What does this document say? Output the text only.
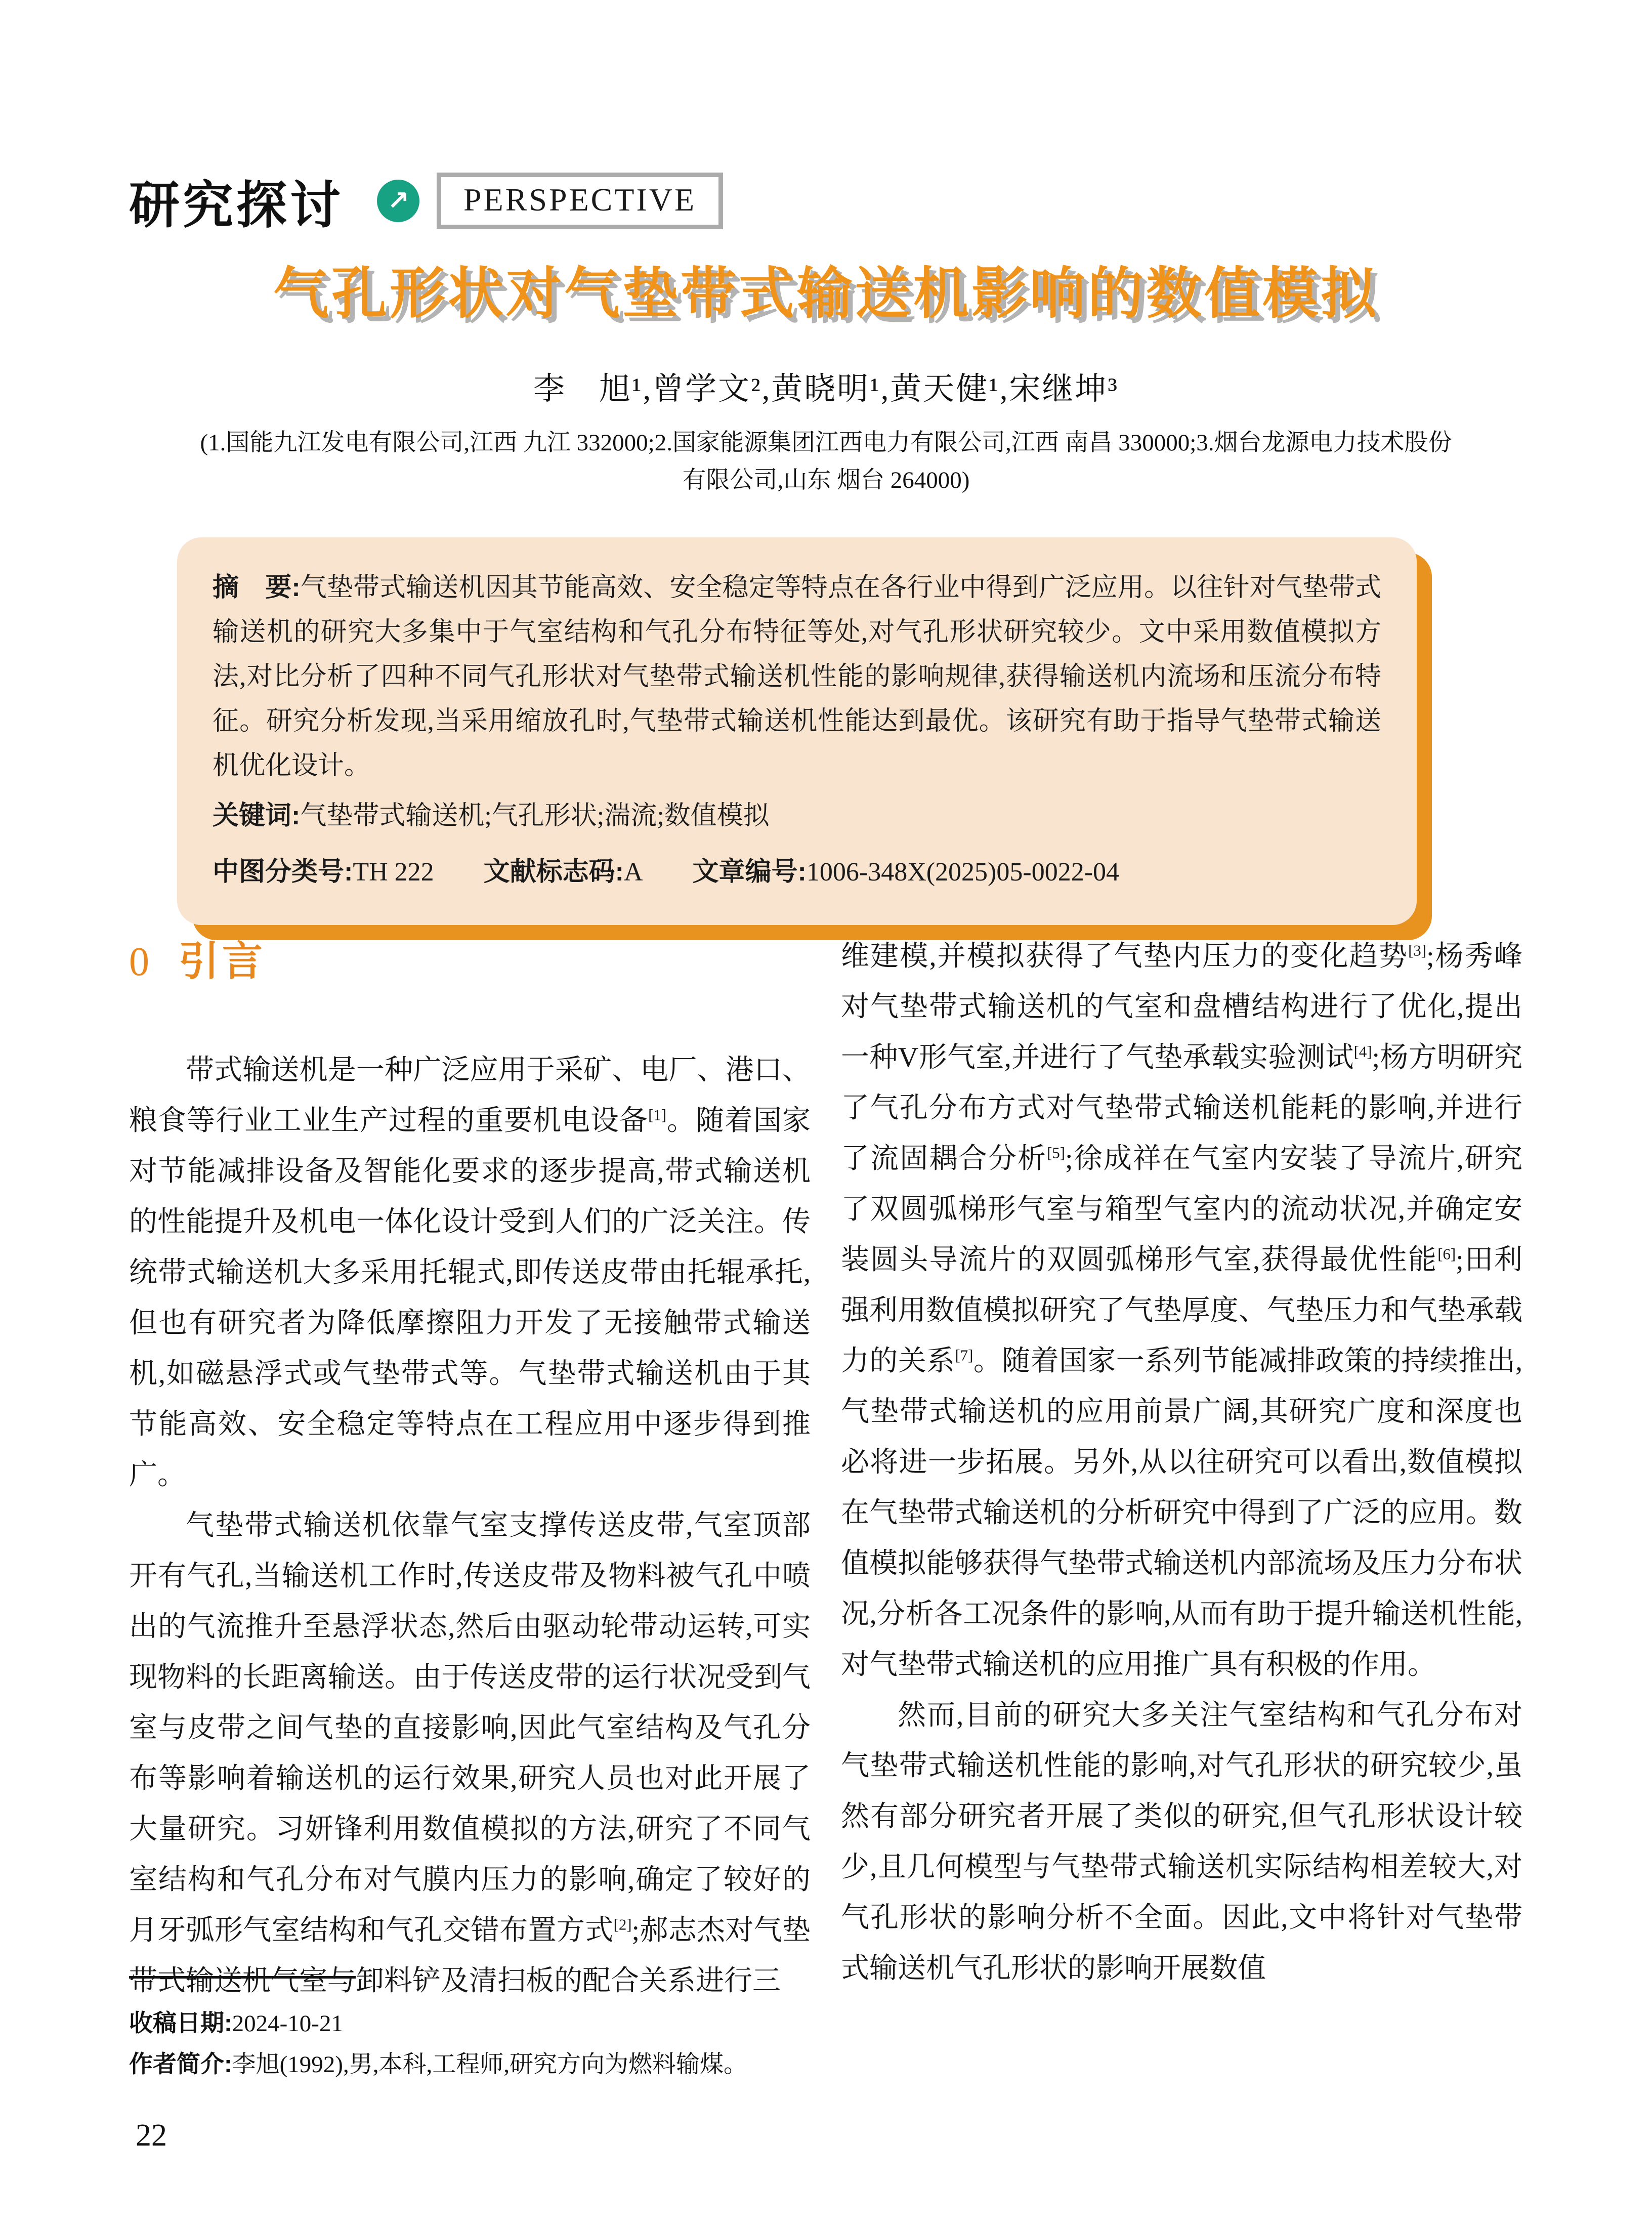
研究探讨 ↗	PERSPECTIVE
气孔形状对气垫带式输送机影响的数值模拟
李　旭¹,曾学文²,黄晓明¹,黄天健¹,宋继坤³
(1.国能九江发电有限公司,江西 九江 332000;2.国家能源集团江西电力有限公司,江西 南昌 330000;3.烟台龙源电力技术股份
有限公司,山东 烟台 264000)

摘　要:气垫带式输送机因其节能高效、安全稳定等特点在各行业中得到广泛应用。以往针对气垫带式输送机的研究大多集中于气室结构和气孔分布特征等处,对气孔形状研究较少。文中采用数值模拟方法,对比分析了四种不同气孔形状对气垫带式输送机性能的影响规律,获得输送机内流场和压流分布特征。研究分析发现,当采用缩放孔时,气垫带式输送机性能达到最优。该研究有助于指导气垫带式输送机优化设计。

关键词:气垫带式输送机;气孔形状;湍流;数值模拟

中图分类号:TH 222 文献标志码:A 文章编号:1006-348X(2025)05-0022-04

0 引言

带式输送机是一种广泛应用于采矿、电厂、港口、粮食等行业工业生产过程的重要机电设备[1]。随着国家对节能减排设备及智能化要求的逐步提高,带式输送机的性能提升及机电一体化设计受到人们的广泛关注。传统带式输送机大多采用托辊式,即传送皮带由托辊承托,但也有研究者为降低摩擦阻力开发了无接触带式输送机,如磁悬浮式或气垫带式等。气垫带式输送机由于其节能高效、安全稳定等特点在工程应用中逐步得到推广。

气垫带式输送机依靠气室支撑传送皮带,气室顶部开有气孔,当输送机工作时,传送皮带及物料被气孔中喷出的气流推升至悬浮状态,然后由驱动轮带动运转,可实现物料的长距离输送。由于传送皮带的运行状况受到气室与皮带之间气垫的直接影响,因此气室结构及气孔分布等影响着输送机的运行效果,研究人员也对此开展了大量研究。习妍锋利用数值模拟的方法,研究了不同气室结构和气孔分布对气膜内压力的影响,确定了较好的月牙弧形气室结构和气孔交错布置方式[2];郝志杰对气垫带式输送机气室与卸料铲及清扫板的配合关系进行三

维建模,并模拟获得了气垫内压力的变化趋势[3];杨秀峰对气垫带式输送机的气室和盘槽结构进行了优化,提出一种V形气室,并进行了气垫承载实验测试[4];杨方明研究了气孔分布方式对气垫带式输送机能耗的影响,并进行了流固耦合分析[5];徐成祥在气室内安装了导流片,研究了双圆弧梯形气室与箱型气室内的流动状况,并确定安装圆头导流片的双圆弧梯形气室,获得最优性能[6];田利强利用数值模拟研究了气垫厚度、气垫压力和气垫承载力的关系[7]。随着国家一系列节能减排政策的持续推出,气垫带式输送机的应用前景广阔,其研究广度和深度也必将进一步拓展。另外,从以往研究可以看出,数值模拟在气垫带式输送机的分析研究中得到了广泛的应用。数值模拟能够获得气垫带式输送机内部流场及压力分布状况,分析各工况条件的影响,从而有助于提升输送机性能,对气垫带式输送机的应用推广具有积极的作用。

然而,目前的研究大多关注气室结构和气孔分布对气垫带式输送机性能的影响,对气孔形状的研究较少,虽然有部分研究者开展了类似的研究,但气孔形状设计较少,且几何模型与气垫带式输送机实际结构相差较大,对气孔形状的影响分析不全面。因此,文中将针对气垫带式输送机气孔形状的影响开展数值

收稿日期:2024-10-21

作者简介:李旭(1992),男,本科,工程师,研究方向为燃料输煤。

22
